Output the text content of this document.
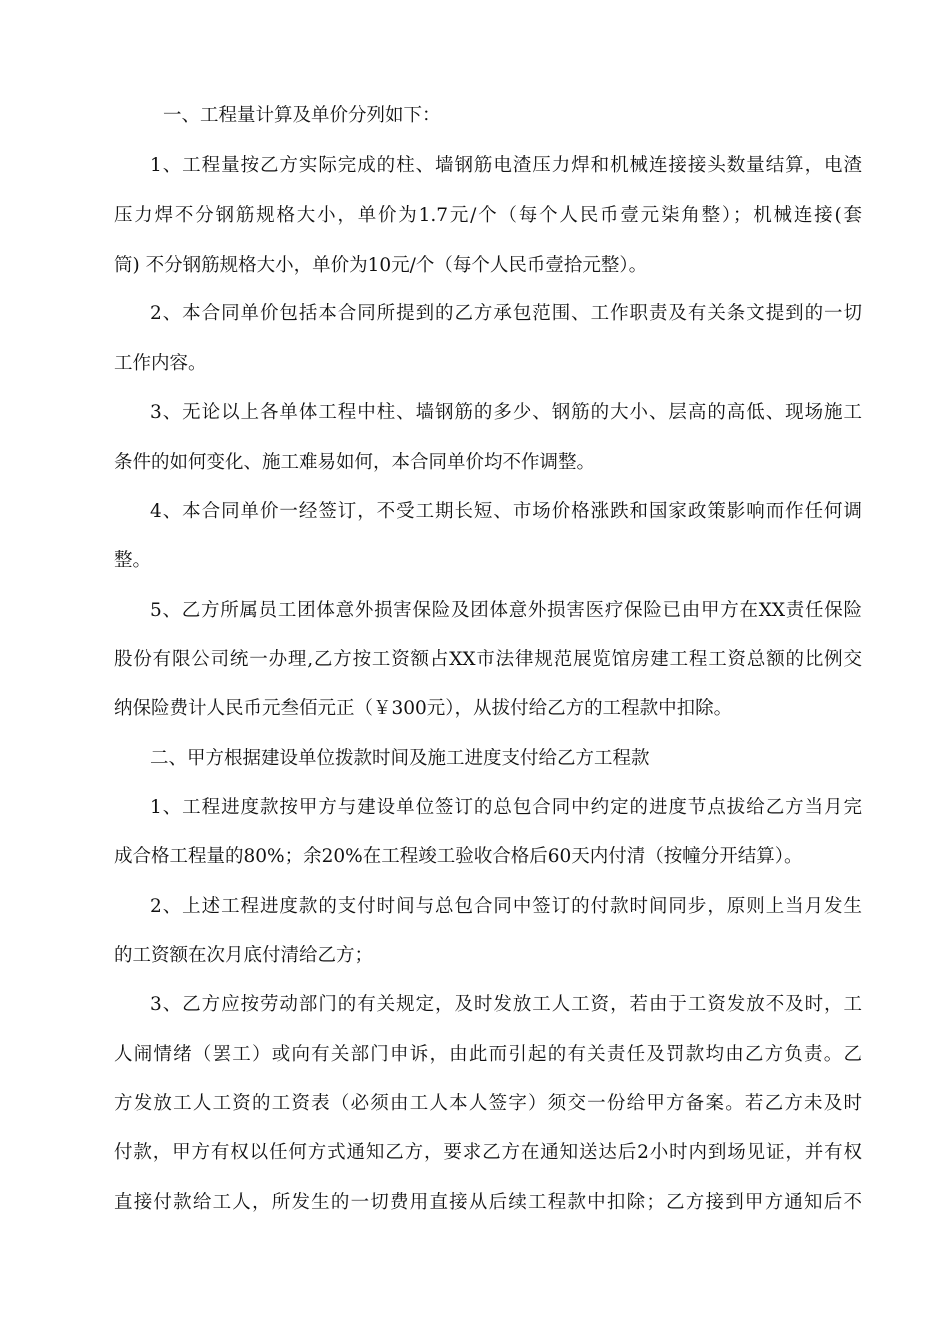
一、工程量计算及单价分列如下：
1、工程量按乙方实际完成的柱、墙钢筋电渣压力焊和机械连接接头数量结算，电渣
压力焊不分钢筋规格大小，单价为1.7元/个（每个人民币壹元柒角整）；机械连接(套
筒) 不分钢筋规格大小，单价为10元/个（每个人民币壹拾元整）。
2、本合同单价包括本合同所提到的乙方承包范围、工作职责及有关条文提到的一切
工作内容。
3、无论以上各单体工程中柱、墙钢筋的多少、钢筋的大小、层高的高低、现场施工
条件的如何变化、施工难易如何，本合同单价均不作调整。
4、本合同单价一经签订，不受工期长短、市场价格涨跌和国家政策影响而作任何调
整。
5、乙方所属员工团体意外损害保险及团体意外损害医疗保险已由甲方在XX责任保险
股份有限公司统一办理,乙方按工资额占XX市法律规范展览馆房建工程工资总额的比例交
纳保险费计人民币元叁佰元正（￥300元），从拔付给乙方的工程款中扣除。
二、甲方根据建设单位拨款时间及施工进度支付给乙方工程款
1、工程进度款按甲方与建设单位签订的总包合同中约定的进度节点拔给乙方当月完
成合格工程量的80%；余20%在工程竣工验收合格后60天内付清（按幢分开结算）。
2、上述工程进度款的支付时间与总包合同中签订的付款时间同步，原则上当月发生
的工资额在次月底付清给乙方；
3、乙方应按劳动部门的有关规定，及时发放工人工资，若由于工资发放不及时，工
人闹情绪（罢工）或向有关部门申诉，由此而引起的有关责任及罚款均由乙方负责。乙
方发放工人工资的工资表（必须由工人本人签字）须交一份给甲方备案。若乙方未及时
付款，甲方有权以任何方式通知乙方，要求乙方在通知送达后2小时内到场见证，并有权
直接付款给工人，所发生的一切费用直接从后续工程款中扣除；乙方接到甲方通知后不
